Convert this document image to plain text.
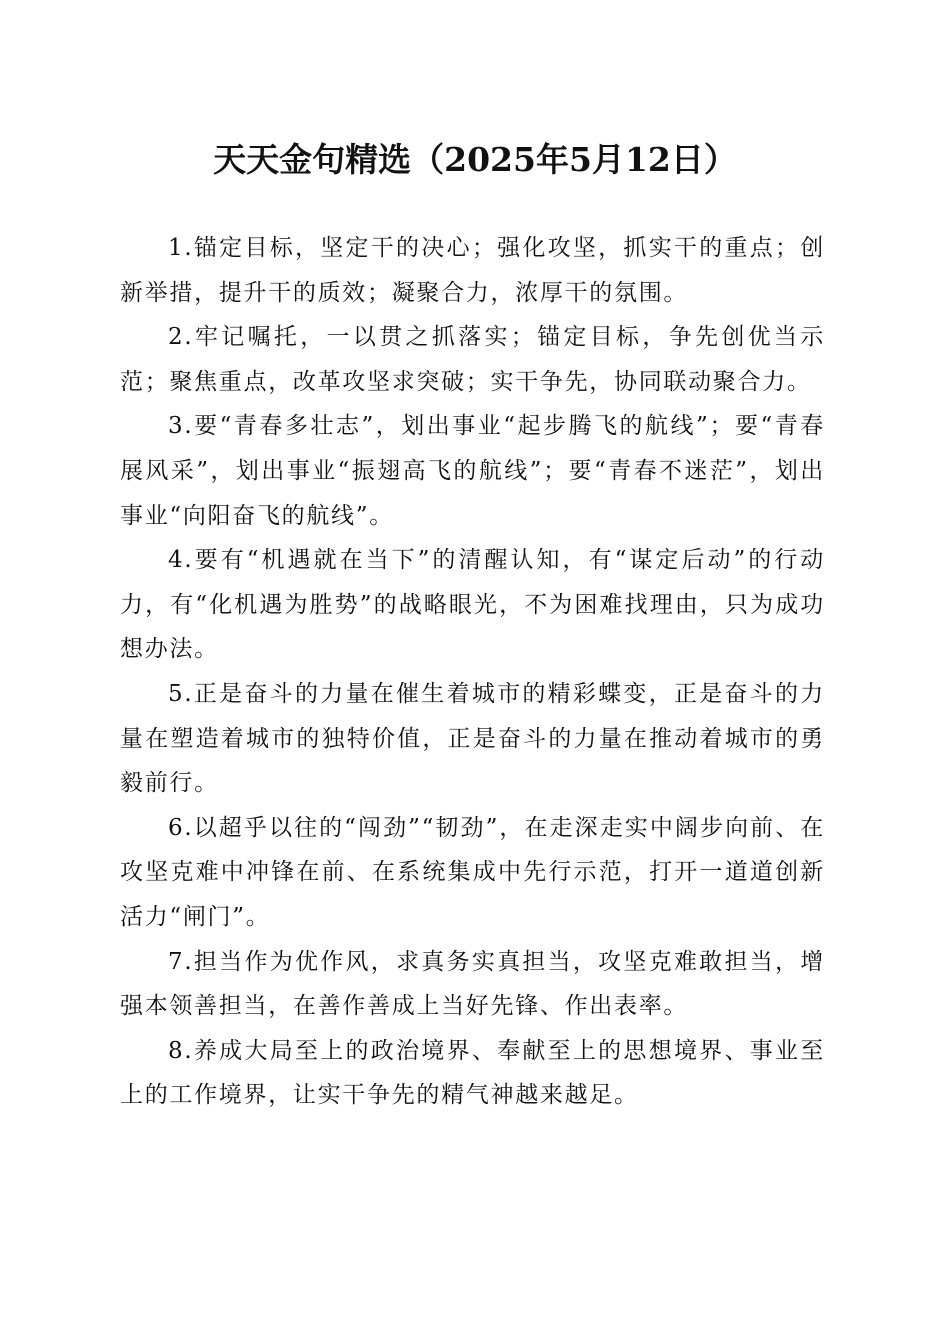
天天金句精选（2025年5月12日）

1.锚定目标，坚定干的决心；强化攻坚，抓实干的重点；创新举措，提升干的质效；凝聚合力，浓厚干的氛围。

2.牢记嘱托，一以贯之抓落实；锚定目标，争先创优当示范；聚焦重点，改革攻坚求突破；实干争先，协同联动聚合力。

3.要“青春多壮志”，划出事业“起步腾飞的航线”；要“青春展风采”，划出事业“振翅高飞的航线”；要“青春不迷茫”，划出事业“向阳奋飞的航线”。

4.要有“机遇就在当下”的清醒认知，有“谋定后动”的行动力，有“化机遇为胜势”的战略眼光，不为困难找理由，只为成功想办法。

5.正是奋斗的力量在催生着城市的精彩蝶变，正是奋斗的力量在塑造着城市的独特价值，正是奋斗的力量在推动着城市的勇毅前行。

6.以超乎以往的“闯劲”“韧劲”，在走深走实中阔步向前、在攻坚克难中冲锋在前、在系统集成中先行示范，打开一道道创新活力“闸门”。

7.担当作为优作风，求真务实真担当，攻坚克难敢担当，增强本领善担当，在善作善成上当好先锋、作出表率。

8.养成大局至上的政治境界、奉献至上的思想境界、事业至上的工作境界，让实干争先的精气神越来越足。
